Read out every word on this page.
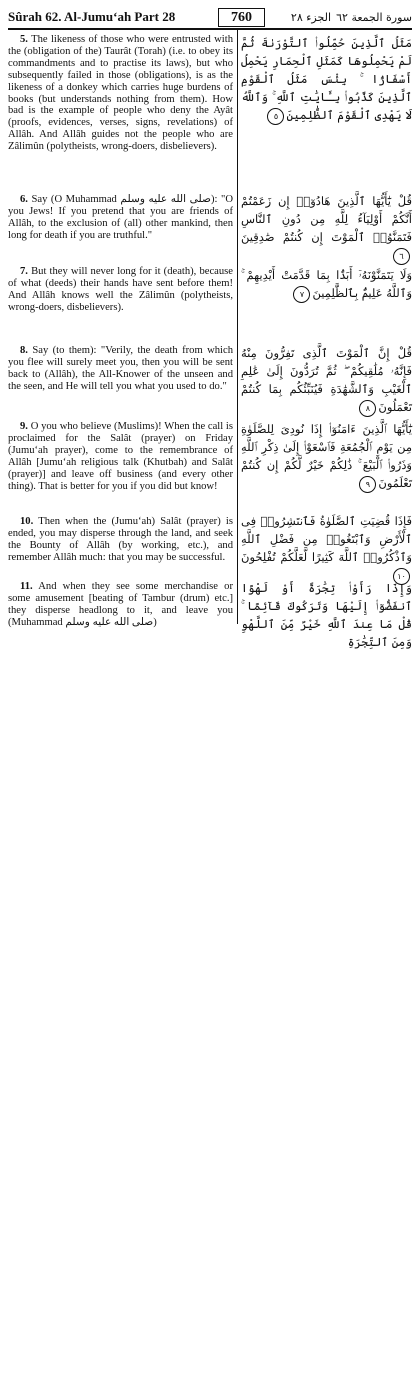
Sûrah 62. Al-Jumu‘ah Part 28	760	الجزء ٢٨ سورة الجمعة ٦٢

5. The likeness of those who were entrusted with the (obligation of the) Taurât (Torah) (i.e. to obey its commandments and to practise its laws), but who subsequently failed in those (obligations), is as the likeness of a donkey which carries huge burdens of books (but understands nothing from them). How bad is the example of people who deny the Ayât (proofs, evidences, verses, signs, revelations) of Allâh. And Allâh guides not the people who are Zâlimûn (polytheists, wrong-doers, disbelievers).

6. Say (O Muhammad صلى الله عليه وسلم): "O you Jews! If you pretend that you are friends of Allâh, to the exclusion of (all) other mankind, then long for death if you are truthful."

7. But they will never long for it (death), because of what (deeds) their hands have sent before them! And Allâh knows well the Zâlimûn (polytheists, wrong-doers, disbelievers).

8. Say (to them): "Verily, the death from which you flee will surely meet you, then you will be sent back to (Allâh), the All-Knower of the unseen and the seen, and He will tell you what you used to do."

9. O you who believe (Muslims)! When the call is proclaimed for the Salât (prayer) on Friday (Jumu‘ah prayer), come to the remembrance of Allâh [Jumu‘ah religious talk (Khutbah) and Salât (prayer)] and leave off business (and every other thing). That is better for you if you did but know!

10. Then when the (Jumu‘ah) Salât (prayer) is ended, you may disperse through the land, and seek the Bounty of Allâh (by working, etc.), and remember Allâh much: that you may be successful.

11. And when they see some merchandise or some amusement [beating of Tambur (drum) etc.] they disperse headlong to it, and leave you (Muhammad صلى الله عليه وسلم)

مَثَلُ ٱلَّذِينَ حُمِّلُوا۟ ٱلتَّوْرَىٰةَ ثُمَّ لَمْ يَحْمِلُوهَا كَمَثَلِ ٱلْحِمَارِ يَحْمِلُ أَسْفَارًۢا ۚ بِئْسَ مَثَلُ ٱلْقَوْمِ ٱلَّذِينَ كَذَّبُوا۟ بِـَٔايَٰتِ ٱللَّهِ ۚ وَٱللَّهُ لَا يَهْدِى ٱلْقَوْمَ ٱلظَّٰلِمِينَ٥
قُلْ يَٰٓأَيُّهَا ٱلَّذِينَ هَادُوٓا۟ إِن زَعَمْتُمْ أَنَّكُمْ أَوْلِيَآءُ لِلَّهِ مِن دُونِ ٱلنَّاسِ فَتَمَنَّوُا۟ ٱلْمَوْتَ إِن كُنتُمْ صَٰدِقِينَ٦
وَلَا يَتَمَنَّوْنَهُۥٓ أَبَدًۢا بِمَا قَدَّمَتْ أَيْدِيهِمْ ۚ وَٱللَّهُ عَلِيمٌۢ بِٱلظَّٰلِمِينَ٧
قُلْ إِنَّ ٱلْمَوْتَ ٱلَّذِى تَفِرُّونَ مِنْهُ فَإِنَّهُۥ مُلَٰقِيكُمْ ۖ ثُمَّ تُرَدُّونَ إِلَىٰ عَٰلِمِ ٱلْغَيْبِ وَٱلشَّهَٰدَةِ فَيُنَبِّئُكُم بِمَا كُنتُمْ تَعْمَلُونَ٨
يَٰٓأَيُّهَا ٱلَّذِينَ ءَامَنُوٓا۟ إِذَا نُودِىَ لِلصَّلَوٰةِ مِن يَوْمِ ٱلْجُمُعَةِ فَٱسْعَوْا۟ إِلَىٰ ذِكْرِ ٱللَّهِ وَذَرُوا۟ ٱلْبَيْعَ ۚ ذَٰلِكُمْ خَيْرٌ لَّكُمْ إِن كُنتُمْ تَعْلَمُونَ٩
فَإِذَا قُضِيَتِ ٱلصَّلَوٰةُ فَٱنتَشِرُوا۟ فِى ٱلْأَرْضِ وَٱبْتَغُوا۟ مِن فَضْلِ ٱللَّهِ وَٱذْكُرُوا۟ ٱللَّهَ كَثِيرًا لَّعَلَّكُمْ تُفْلِحُونَ١٠
وَإِذَا رَأَوْا۟ تِجَٰرَةً أَوْ لَهْوًا ٱنفَضُّوٓا۟ إِلَيْهَا وَتَرَكُوكَ قَآئِمًا ۚ قُلْ مَا عِندَ ٱللَّهِ خَيْرٌ مِّنَ ٱللَّهْوِ وَمِنَ ٱلتِّجَٰرَةِ
